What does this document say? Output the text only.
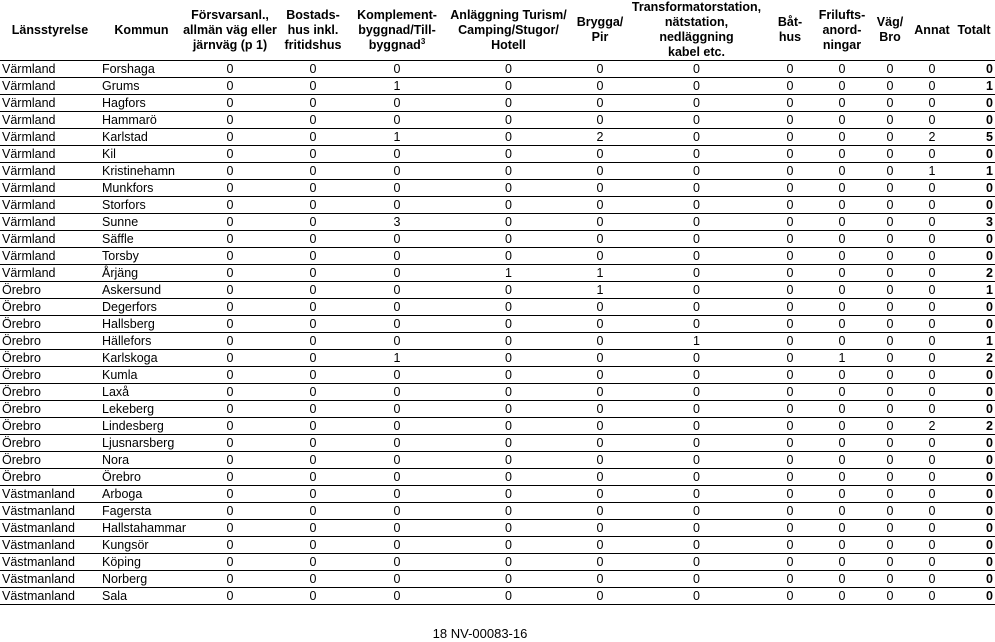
Länsstyrelse	Kommun	Försvarsanl.,
allmän väg eller
järnväg (p 1)	Bostads-
hus inkl.
fritidshus	Komplement-
byggnad/Till-
byggnad$^3$	Anläggning Turism/
Camping/Stugor/
Hotell	Brygga/
Pir	Transformatorstation,
nätstation, nedläggning
kabel etc.	Båt-
hus	Frilufts-
anord-
ningar	Väg/
Bro	Annat	Totalt
Värmland	Forshaga	0	0	0	0	0	0	0	0	0	0	0
Värmland	Grums	0	0	1	0	0	0	0	0	0	0	1
Värmland	Hagfors	0	0	0	0	0	0	0	0	0	0	0
Värmland	Hammarö	0	0	0	0	0	0	0	0	0	0	0
Värmland	Karlstad	0	0	1	0	2	0	0	0	0	2	5
Värmland	Kil	0	0	0	0	0	0	0	0	0	0	0
Värmland	Kristinehamn	0	0	0	0	0	0	0	0	0	1	1
Värmland	Munkfors	0	0	0	0	0	0	0	0	0	0	0
Värmland	Storfors	0	0	0	0	0	0	0	0	0	0	0
Värmland	Sunne	0	0	3	0	0	0	0	0	0	0	3
Värmland	Säffle	0	0	0	0	0	0	0	0	0	0	0
Värmland	Torsby	0	0	0	0	0	0	0	0	0	0	0
Värmland	Årjäng	0	0	0	1	1	0	0	0	0	0	2
Örebro	Askersund	0	0	0	0	1	0	0	0	0	0	1
Örebro	Degerfors	0	0	0	0	0	0	0	0	0	0	0
Örebro	Hallsberg	0	0	0	0	0	0	0	0	0	0	0
Örebro	Hällefors	0	0	0	0	0	1	0	0	0	0	1
Örebro	Karlskoga	0	0	1	0	0	0	0	1	0	0	2
Örebro	Kumla	0	0	0	0	0	0	0	0	0	0	0
Örebro	Laxå	0	0	0	0	0	0	0	0	0	0	0
Örebro	Lekeberg	0	0	0	0	0	0	0	0	0	0	0
Örebro	Lindesberg	0	0	0	0	0	0	0	0	0	2	2
Örebro	Ljusnarsberg	0	0	0	0	0	0	0	0	0	0	0
Örebro	Nora	0	0	0	0	0	0	0	0	0	0	0
Örebro	Örebro	0	0	0	0	0	0	0	0	0	0	0
Västmanland	Arboga	0	0	0	0	0	0	0	0	0	0	0
Västmanland	Fagersta	0	0	0	0	0	0	0	0	0	0	0
Västmanland	Hallstahammar	0	0	0	0	0	0	0	0	0	0	0
Västmanland	Kungsör	0	0	0	0	0	0	0	0	0	0	0
Västmanland	Köping	0	0	0	0	0	0	0	0	0	0	0
Västmanland	Norberg	0	0	0	0	0	0	0	0	0	0	0
Västmanland	Sala	0	0	0	0	0	0	0	0	0	0	0
18 NV-00083-16
